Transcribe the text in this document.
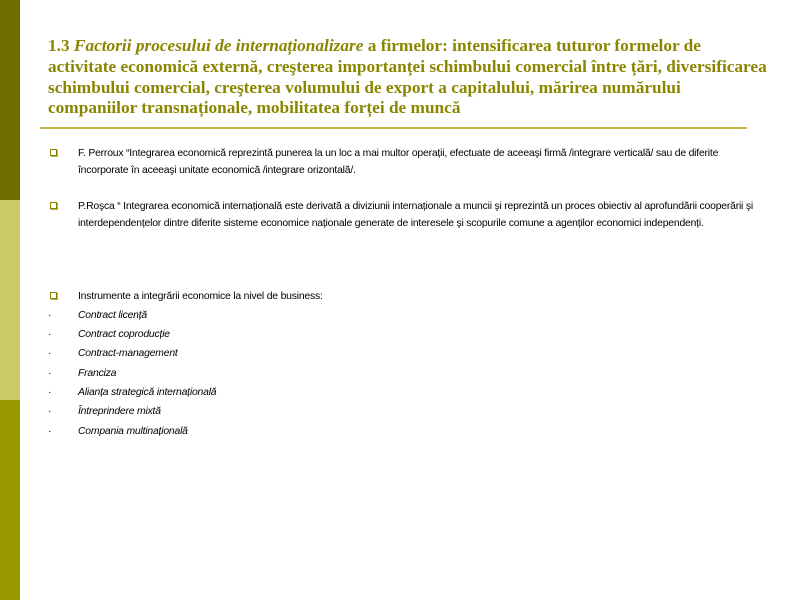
1.3 Factorii procesului de internaționalizare a firmelor: intensificarea tuturor formelor de activitate economică externă, creşterea importanței schimbului comercial între țări, diversificarea schimbului comercial, creşterea volumului de export a capitalului, mărirea numărului companiilor transnaționale, mobilitatea forței de muncă
F. Perroux “Integrarea economică reprezintă punerea la un loc a mai multor operații, efectuate de aceeaşi firmă /integrare verticală/ sau de diferite încorporate în aceeaşi unitate economică /integrare orizontală/.
P.Roşca “ Integrarea economică internațională este derivată a diviziunii internaționale a muncii şi reprezintă un proces obiectiv al aprofundării cooperării şi interdependențelor dintre diferite sisteme economice naționale generate de interesele şi scopurile comune a agenților economici independenți.
Instrumente a integrării economice la nivel de business:
·	Contract licență
·	Contract coproducție
·	Contract-management
·	Franciza
·	Alianța strategică internațională
·	Întreprindere mixtă
·	Compania multinațională
